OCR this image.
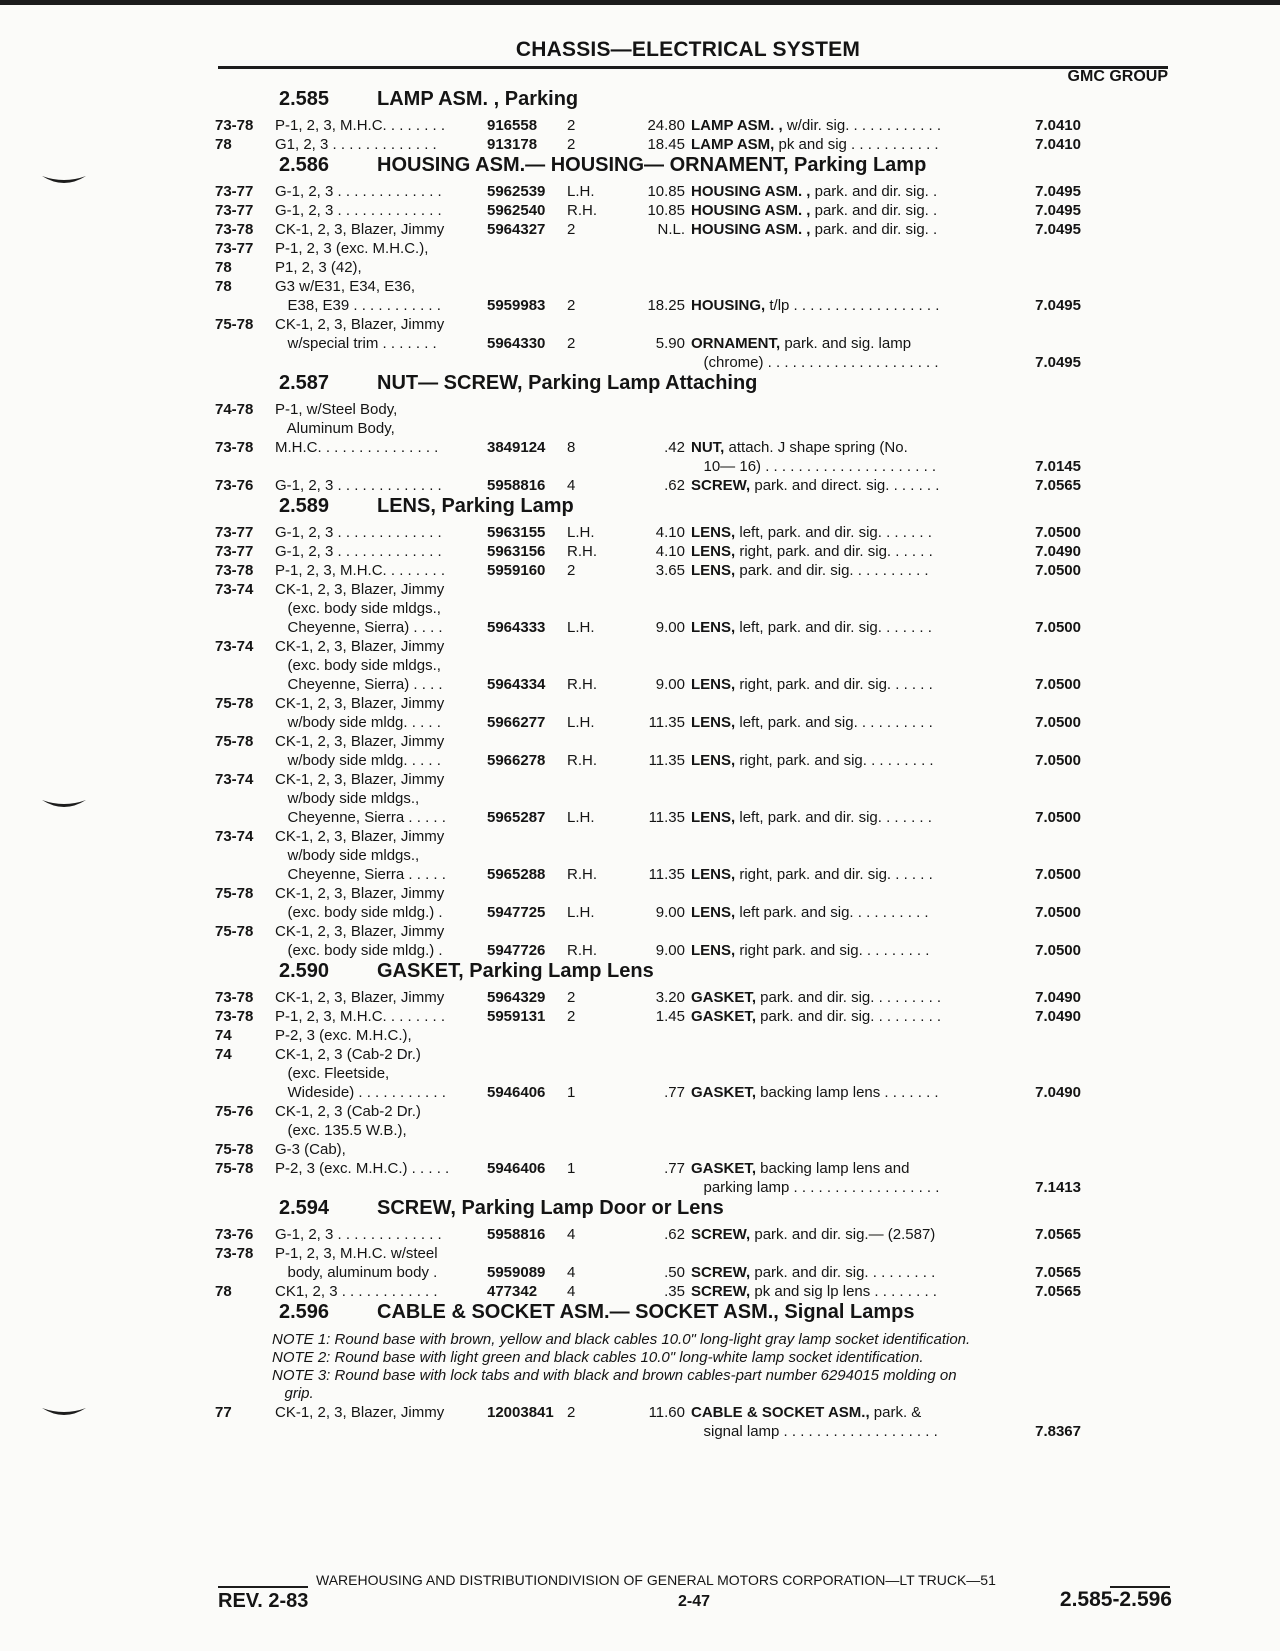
CHASSIS—ELECTRICAL SYSTEM
GMC GROUP
2.585 LAMP ASM. , Parking
73-78	P-1, 2, 3, M.H.C. . . . . . . .	916558	2	24.80 LAMP ASM. , w/dir. sig. . . . . . . . . . . .	7.0410
78	G1, 2, 3 . . . . . . . . . . . . .	913178	2	18.45 LAMP ASM, pk and sig . . . . . . . . . . .	7.0410
2.586 HOUSING ASM.— HOUSING— ORNAMENT, Parking Lamp
73-77	G-1, 2, 3 . . . . . . . . . . . . .	5962539	L.H.	10.85 HOUSING ASM. , park. and dir. sig. .	7.0495
73-77	G-1, 2, 3 . . . . . . . . . . . . .	5962540	R.H.	10.85 HOUSING ASM. , park. and dir. sig. .	7.0495
73-78	CK-1, 2, 3, Blazer, Jimmy	5964327	2	N.L. HOUSING ASM. , park. and dir. sig. .	7.0495
73-77	P-1, 2, 3 (exc. M.H.C.),
78	P1, 2, 3 (42),
78	G3 w/E31, E34, E36,
E38, E39 . . . . . . . . . . .	5959983	2	18.25 HOUSING, t/lp . . . . . . . . . . . . . . . . . .	7.0495
75-78	CK-1, 2, 3, Blazer, Jimmy
w/special trim . . . . . . .	5964330	2	5.90 ORNAMENT, park. and sig. lamp
(chrome) . . . . . . . . . . . . . . . . . . . . .	7.0495
2.587 NUT— SCREW, Parking Lamp Attaching
74-78	P-1, w/Steel Body,
Aluminum Body,
73-78	M.H.C. . . . . . . . . . . . . . .	3849124	8	.42 NUT, attach. J shape spring (No.
10— 16) . . . . . . . . . . . . . . . . . . . . .	7.0145
73-76	G-1, 2, 3 . . . . . . . . . . . . .	5958816	4	.62 SCREW, park. and direct. sig. . . . . . .	7.0565
2.589 LENS, Parking Lamp
73-77	G-1, 2, 3 . . . . . . . . . . . . .	5963155	L.H.	4.10 LENS, left, park. and dir. sig. . . . . . .	7.0500
73-77	G-1, 2, 3 . . . . . . . . . . . . .	5963156	R.H.	4.10 LENS, right, park. and dir. sig. . . . . .	7.0490
73-78	P-1, 2, 3, M.H.C. . . . . . . .	5959160	2	3.65 LENS, park. and dir. sig. . . . . . . . . .	7.0500
73-74	CK-1, 2, 3, Blazer, Jimmy
(exc. body side mldgs.,
Cheyenne, Sierra) . . . .	5964333	L.H.	9.00 LENS, left, park. and dir. sig. . . . . . .	7.0500
73-74	CK-1, 2, 3, Blazer, Jimmy
(exc. body side mldgs.,
Cheyenne, Sierra) . . . .	5964334	R.H.	9.00 LENS, right, park. and dir. sig. . . . . .	7.0500
75-78	CK-1, 2, 3, Blazer, Jimmy
w/body side mldg. . . . .	5966277	L.H.	11.35 LENS, left, park. and sig. . . . . . . . . .	7.0500
75-78	CK-1, 2, 3, Blazer, Jimmy
w/body side mldg. . . . .	5966278	R.H.	11.35 LENS, right, park. and sig. . . . . . . . .	7.0500
73-74	CK-1, 2, 3, Blazer, Jimmy
w/body side mldgs.,
Cheyenne, Sierra . . . . .	5965287	L.H.	11.35 LENS, left, park. and dir. sig. . . . . . .	7.0500
73-74	CK-1, 2, 3, Blazer, Jimmy
w/body side mldgs.,
Cheyenne, Sierra . . . . .	5965288	R.H.	11.35 LENS, right, park. and dir. sig. . . . . .	7.0500
75-78	CK-1, 2, 3, Blazer, Jimmy
(exc. body side mldg.) .	5947725	L.H.	9.00 LENS, left park. and sig. . . . . . . . . .	7.0500
75-78	CK-1, 2, 3, Blazer, Jimmy
(exc. body side mldg.) .	5947726	R.H.	9.00 LENS, right park. and sig. . . . . . . . .	7.0500
2.590 GASKET, Parking Lamp Lens
73-78	CK-1, 2, 3, Blazer, Jimmy	5964329	2	3.20 GASKET, park. and dir. sig. . . . . . . . .	7.0490
73-78	P-1, 2, 3, M.H.C. . . . . . . .	5959131	2	1.45 GASKET, park. and dir. sig. . . . . . . . .	7.0490
74	P-2, 3 (exc. M.H.C.),
74	CK-1, 2, 3 (Cab-2 Dr.)
(exc. Fleetside,
Wideside) . . . . . . . . . . .	5946406	1	.77 GASKET, backing lamp lens . . . . . . .	7.0490
75-76	CK-1, 2, 3 (Cab-2 Dr.)
(exc. 135.5 W.B.),
75-78	G-3 (Cab),
75-78	P-2, 3 (exc. M.H.C.) . . . . .	5946406	1	.77 GASKET, backing lamp lens and
parking lamp . . . . . . . . . . . . . . . . . .	7.1413
2.594 SCREW, Parking Lamp Door or Lens
73-76	G-1, 2, 3 . . . . . . . . . . . . .	5958816	4	.62 SCREW, park. and dir. sig.— (2.587)	7.0565
73-78	P-1, 2, 3, M.H.C. w/steel
body, aluminum body .	5959089	4	.50 SCREW, park. and dir. sig. . . . . . . . .	7.0565
78	CK1, 2, 3 . . . . . . . . . . . .	477342	4	.35 SCREW, pk and sig lp lens . . . . . . . .	7.0565
2.596 CABLE & SOCKET ASM.— SOCKET ASM., Signal Lamps
NOTE 1: Round base with brown, yellow and black cables 10.0" long-light gray lamp socket identification.
NOTE 2: Round base with light green and black cables 10.0" long-white lamp socket identification.
NOTE 3: Round base with lock tabs and with black and brown cables-part number 6294015 molding on
grip.
77	CK-1, 2, 3, Blazer, Jimmy	12003841 2	11.60 CABLE & SOCKET ASM., park. &
signal lamp . . . . . . . . . . . . . . . . . . .	7.8367
WAREHOUSING AND DISTRIBUTIONDIVISION OF GENERAL MOTORS CORPORATION—LT TRUCK—51
REV. 2-83	2-47	2.585-2.596
